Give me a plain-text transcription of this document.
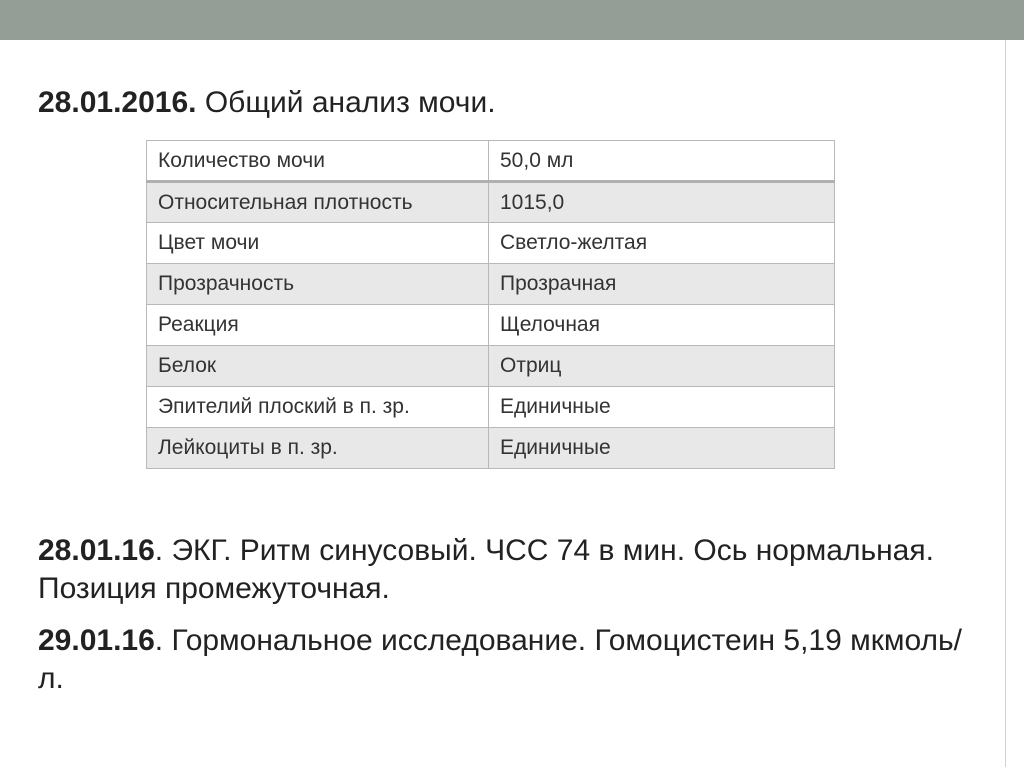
28.01.2016. Общий анализ мочи.
Количество мочи	50,0 мл
Относительная плотность	1015,0
Цвет мочи	Светло-желтая
Прозрачность	Прозрачная
Реакция	Щелочная
Белок	Отриц
Эпителий плоский в п. зр.	Единичные
Лейкоциты в п. зр.	Единичные
28.01.16. ЭКГ. Ритм синусовый. ЧСС 74 в мин. Ось нормальная. Позиция промежуточная.
29.01.16. Гормональное исследование. Гомоцистеин 5,19 мкмоль/л.
